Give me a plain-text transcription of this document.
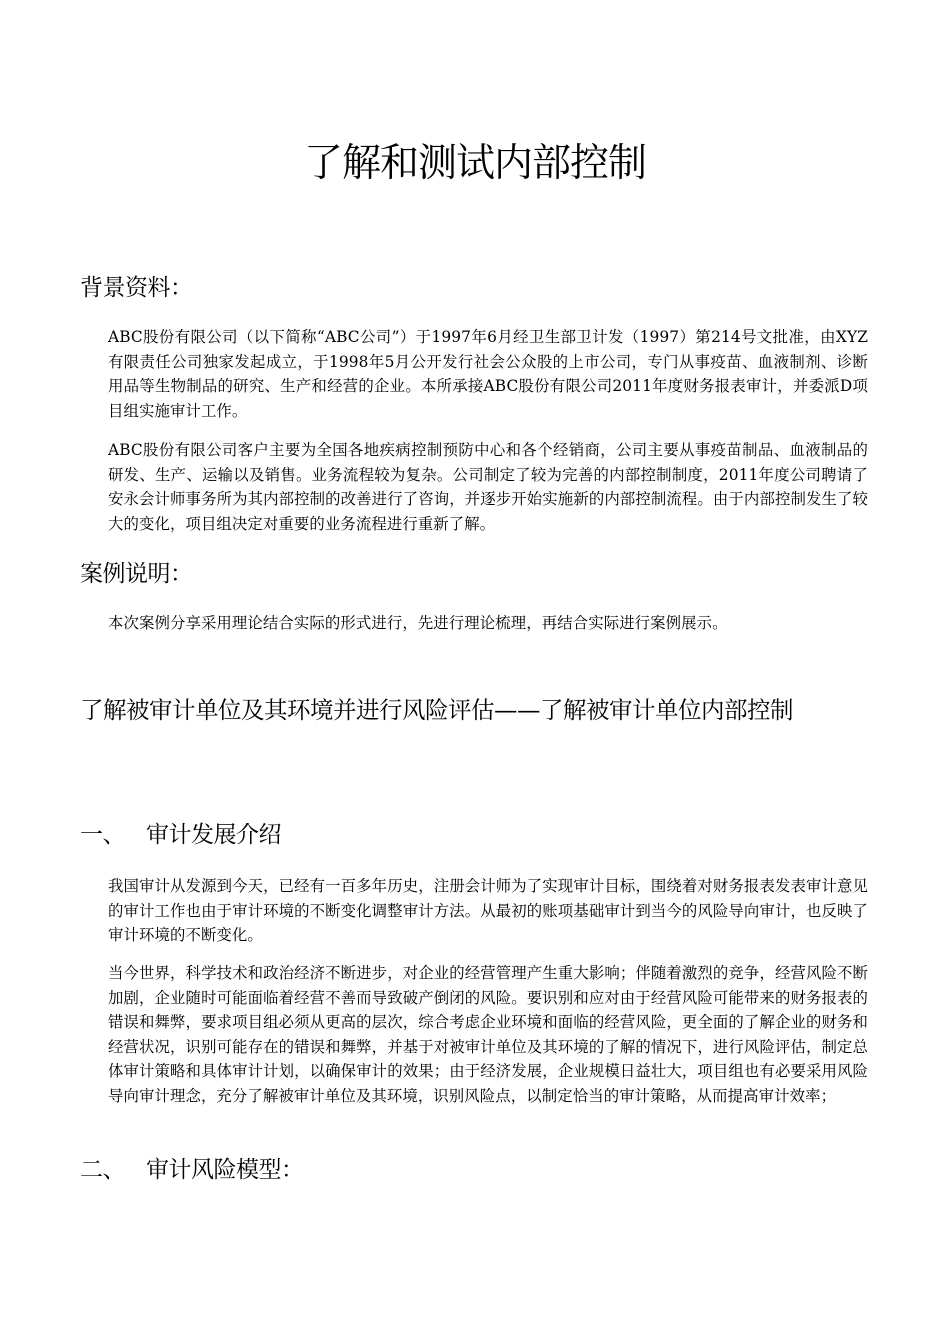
了解和测试内部控制
背景资料：

ABC股份有限公司（以下简称“ABC公司”）于1997年6月经卫生部卫计发（1997）第214号文批准，由XYZ有限责任公司独家发起成立，于1998年5月公开发行社会公众股的上市公司，专门从事疫苗、血液制剂、诊断用品等生物制品的研究、生产和经营的企业。本所承接ABC股份有限公司2011年度财务报表审计，并委派D项目组实施审计工作。

ABC股份有限公司客户主要为全国各地疾病控制预防中心和各个经销商，公司主要从事疫苗制品、血液制品的研发、生产、运输以及销售。业务流程较为复杂。公司制定了较为完善的内部控制制度，2011年度公司聘请了安永会计师事务所为其内部控制的改善进行了咨询，并逐步开始实施新的内部控制流程。由于内部控制发生了较大的变化，项目组决定对重要的业务流程进行重新了解。

案例说明：

本次案例分享采用理论结合实际的形式进行，先进行理论梳理，再结合实际进行案例展示。

了解被审计单位及其环境并进行风险评估——了解被审计单位内部控制
一、 审计发展介绍

我国审计从发源到今天，已经有一百多年历史，注册会计师为了实现审计目标，围绕着对财务报表发表审计意见的审计工作也由于审计环境的不断变化调整审计方法。从最初的账项基础审计到当今的风险导向审计，也反映了审计环境的不断变化。

当今世界，科学技术和政治经济不断进步，对企业的经营管理产生重大影响；伴随着激烈的竞争，经营风险不断加剧，企业随时可能面临着经营不善而导致破产倒闭的风险。要识别和应对由于经营风险可能带来的财务报表的错误和舞弊，要求项目组必须从更高的层次，综合考虑企业环境和面临的经营风险，更全面的了解企业的财务和经营状况，识别可能存在的错误和舞弊，并基于对被审计单位及其环境的了解的情况下，进行风险评估，制定总体审计策略和具体审计计划，以确保审计的效果；由于经济发展，企业规模日益壮大，项目组也有必要采用风险导向审计理念，充分了解被审计单位及其环境，识别风险点，以制定恰当的审计策略，从而提高审计效率；

二、 审计风险模型：
